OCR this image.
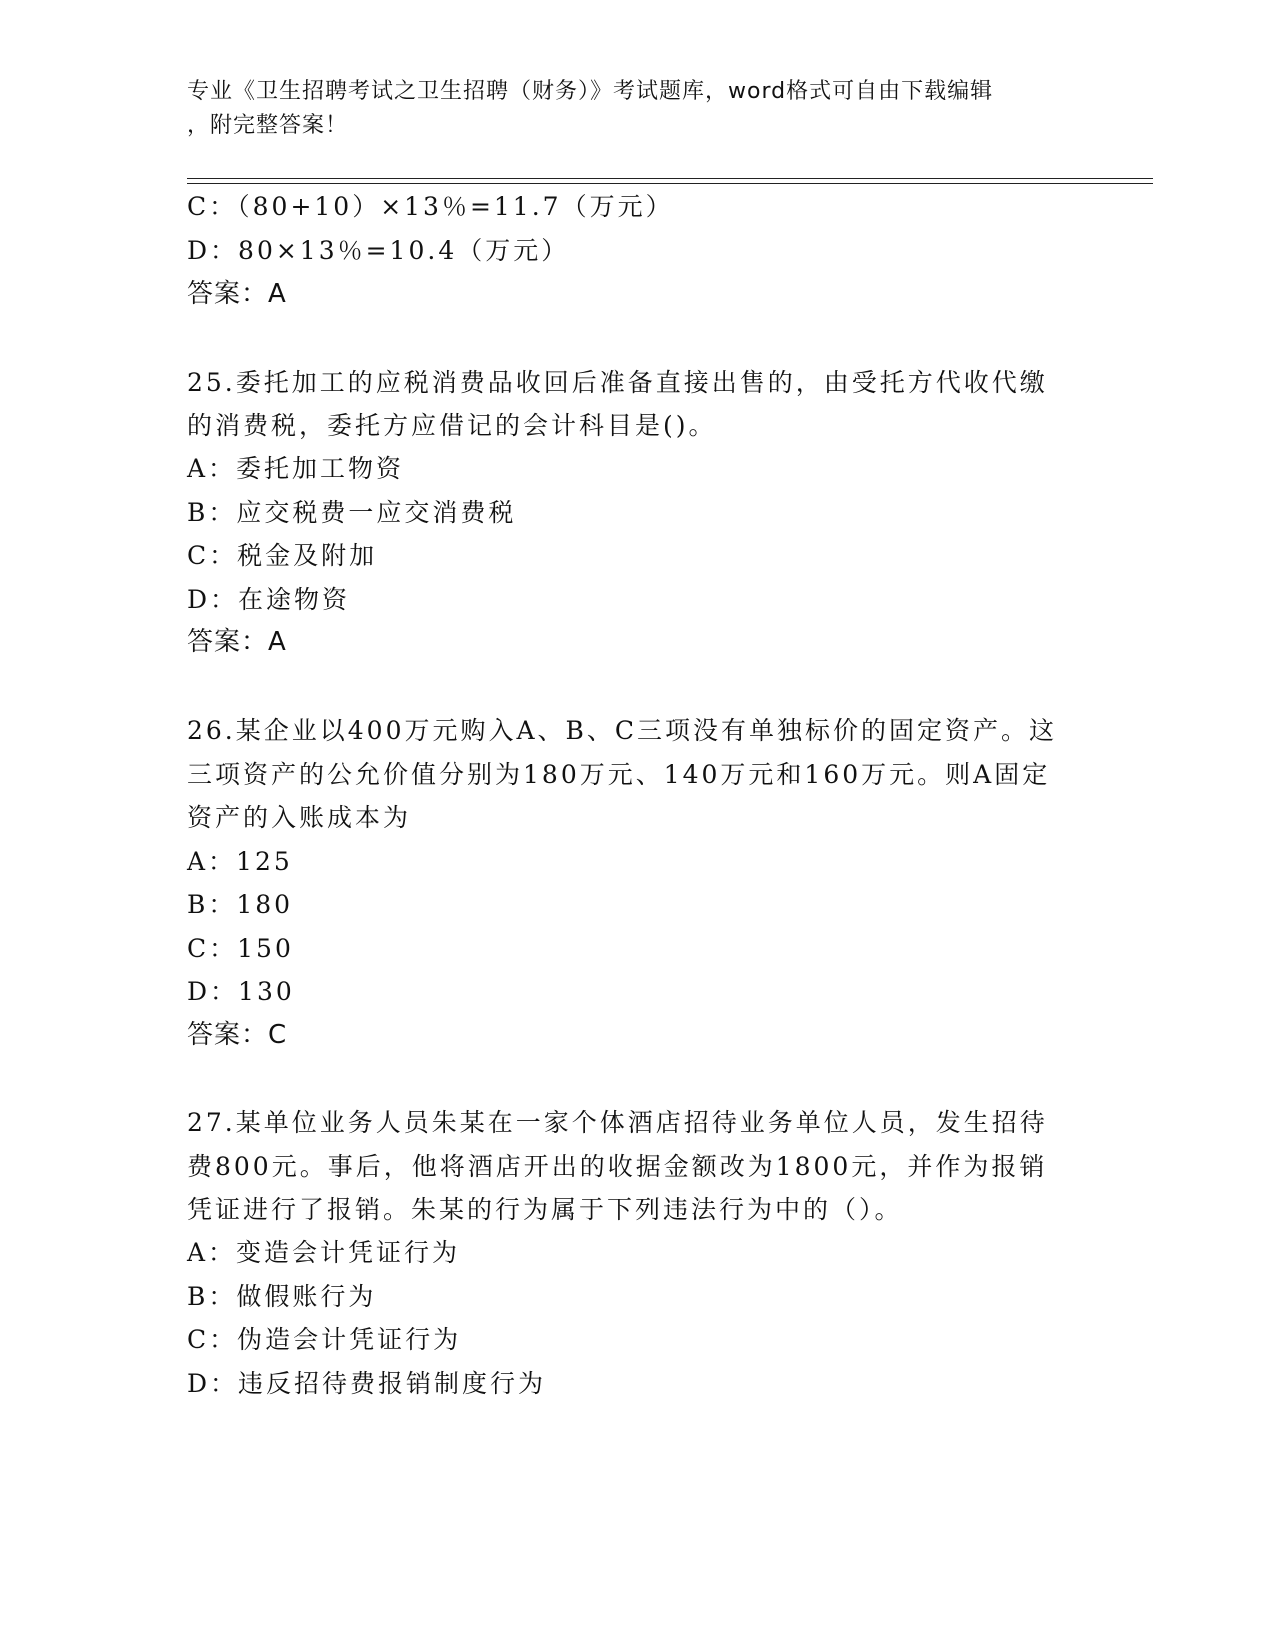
专业《卫生招聘考试之卫生招聘（财务）》考试题库，word格式可自由下载编辑
，附完整答案！
C：（80+10）×13％=11.7（万元）
D：80×13％=10.4（万元）
答案：A
25.委托加工的应税消费品收回后准备直接出售的，由受托方代收代缴
的消费税，委托方应借记的会计科目是()。
A：委托加工物资
B：应交税费一应交消费税
C：税金及附加
D：在途物资
答案：A
26.某企业以400万元购入A、B、C三项没有单独标价的固定资产。这
三项资产的公允价值分别为180万元、140万元和160万元。则A固定
资产的入账成本为
A：125
B：180
C：150
D：130
答案：C
27.某单位业务人员朱某在一家个体酒店招待业务单位人员，发生招待
费800元。事后，他将酒店开出的收据金额改为1800元，并作为报销
凭证进行了报销。朱某的行为属于下列违法行为中的（）。
A：变造会计凭证行为
B：做假账行为
C：伪造会计凭证行为
D：违反招待费报销制度行为
